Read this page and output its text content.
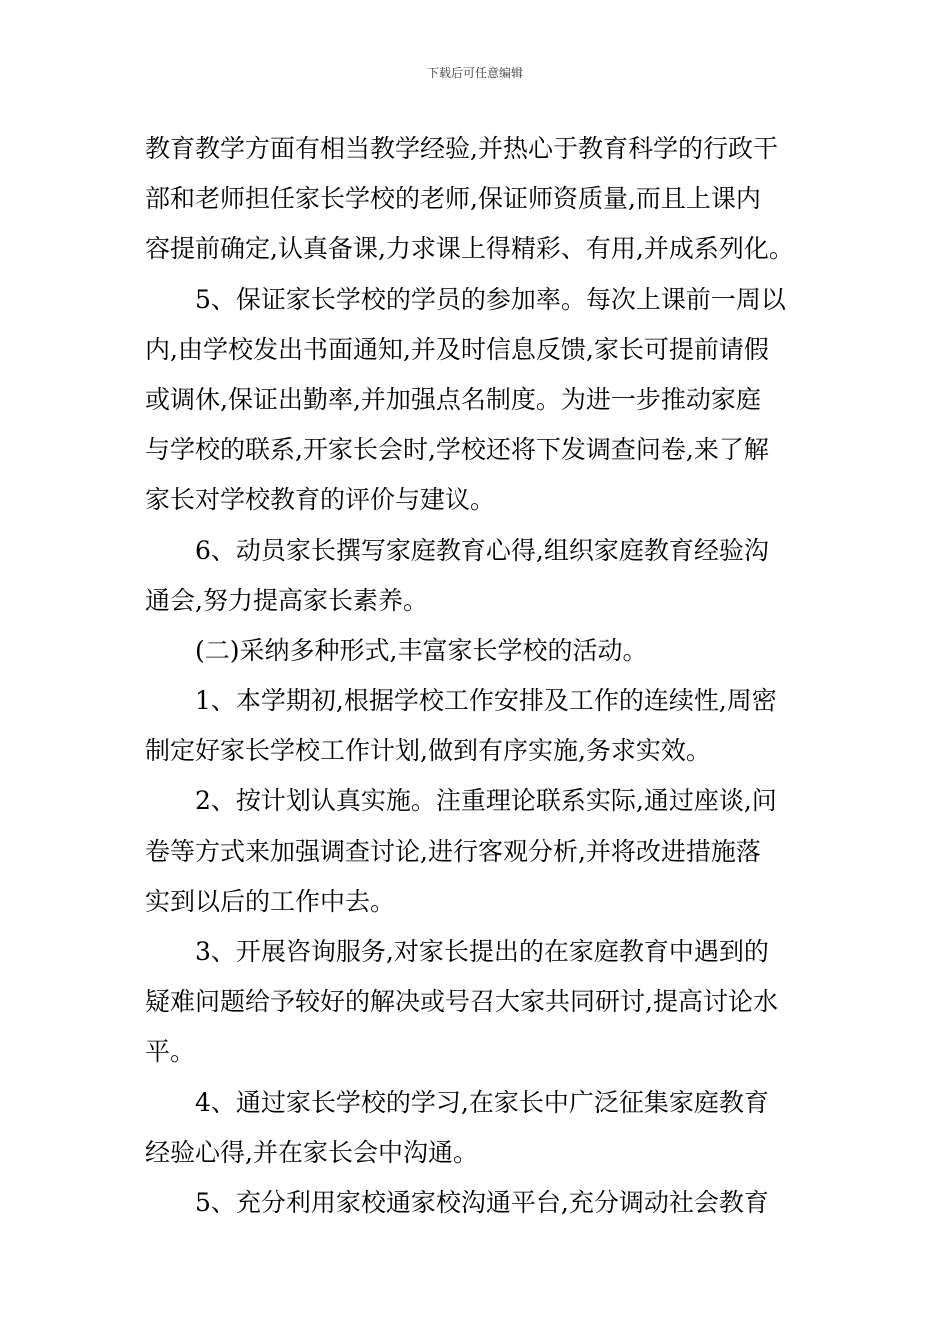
下载后可任意编辑
教育教学方面有相当教学经验,并热心于教育科学的行政干
部和老师担任家长学校的老师,保证师资质量,而且上课内
容提前确定,认真备课,力求课上得精彩、有用,并成系列化。
5、保证家长学校的学员的参加率。每次上课前一周以
内,由学校发出书面通知,并及时信息反馈,家长可提前请假
或调休,保证出勤率,并加强点名制度。为进一步推动家庭
与学校的联系,开家长会时,学校还将下发调查问卷,来了解
家长对学校教育的评价与建议。
6、动员家长撰写家庭教育心得,组织家庭教育经验沟
通会,努力提高家长素养。
(二)采纳多种形式,丰富家长学校的活动。
1、本学期初,根据学校工作安排及工作的连续性,周密
制定好家长学校工作计划,做到有序实施,务求实效。
2、按计划认真实施。注重理论联系实际,通过座谈,问
卷等方式来加强调查讨论,进行客观分析,并将改进措施落
实到以后的工作中去。
3、开展咨询服务,对家长提出的在家庭教育中遇到的
疑难问题给予较好的解决或号召大家共同研讨,提高讨论水
平。
4、通过家长学校的学习,在家长中广泛征集家庭教育
经验心得,并在家长会中沟通。
5、充分利用家校通家校沟通平台,充分调动社会教育
